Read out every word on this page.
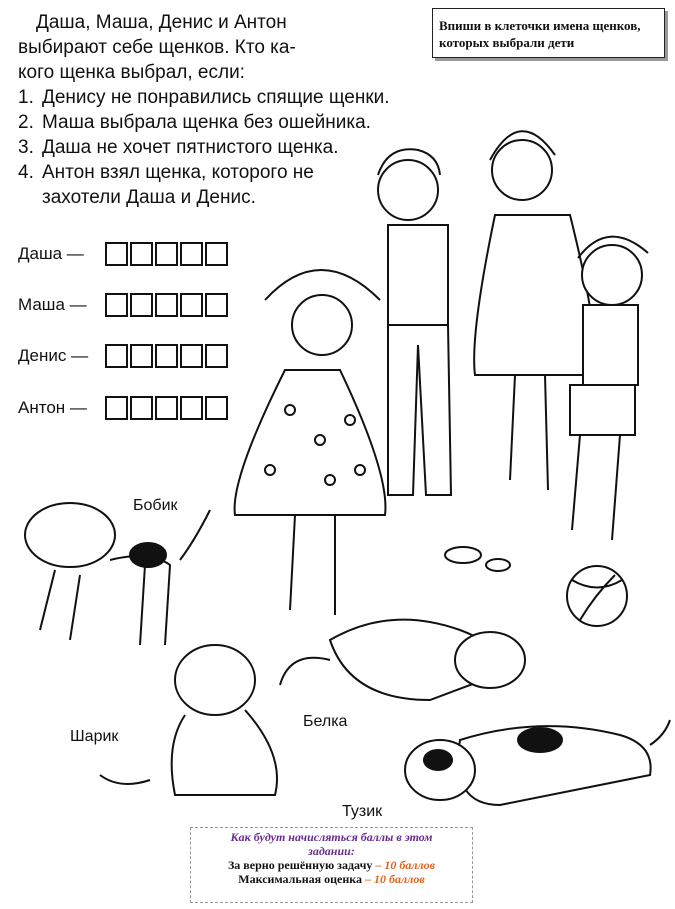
Даша, Маша, Денис и Антон

выбирают себе щенков. Кто ка-

кого щенка выбрал, если:

1. Денису не понравились спящие щенки.

2. Маша выбрала щенка без ошейника.

3. Даша не хочет пятнистого щенка.

4. Антон взял щенка, которого не

захотели Даша и Денис.

Впиши в клеточки имена щенков, которых выбрали дети
Даша —
Маша —
Денис —
Антон —
Бобик
Шарик
Белка
Тузик
Как будут начисляться баллы в этом
задании:
За верно решённую задачу – 10 баллов
Максимальная оценка – 10 баллов
